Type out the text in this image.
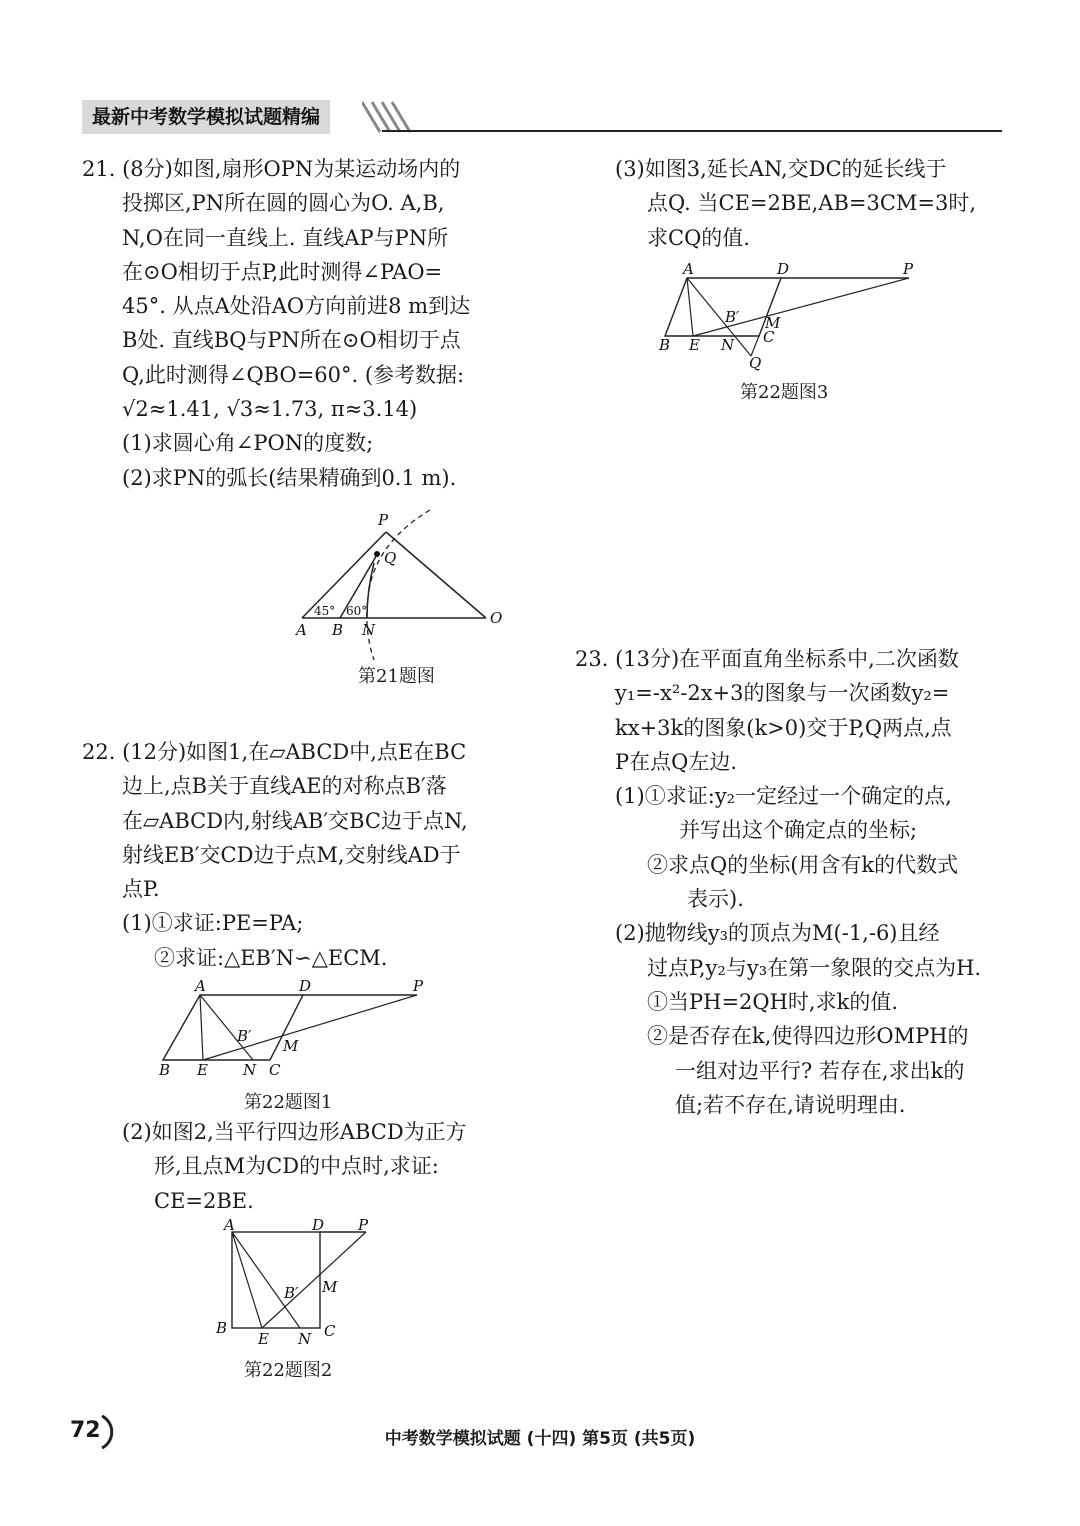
最新中考数学模拟试题精编

21. (8分)如图,扇形OPN为某运动场内的

投掷区,PN所在圆的圆心为O. A,B,

N,O在同一直线上. 直线AP与PN所

在⊙O相切于点P,此时测得∠PAO=

45°. 从点A处沿AO方向前进8 m到达

B处. 直线BQ与PN所在⊙O相切于点

Q,此时测得∠QBO=60°. (参考数据:

√2≈1.41, √3≈1.73, π≈3.14)

(1)求圆心角∠PON的度数;

(2)求PN的弧长(结果精确到0.1 m).

P
Q
A B N
O
45° 60°
第21题图

22. (12分)如图1,在▱ABCD中,点E在BC

边上,点B关于直线AE的对称点B′落

在▱ABCD内,射线AB′交BC边于点N,

射线EB′交CD边于点M,交射线AD于

点P.

(1)①求证:PE=PA;

②求证:△EB′N∽△ECM.

A	D	P
B′
M
B E N C
第22题图1

(2)如图2,当平行四边形ABCD为正方

形,且点M为CD的中点时,求证:

CE=2BE.

A	D P
B′ M
B
E N C
第22题图2

(3)如图3,延长AN,交DC的延长线于

点Q. 当CE=2BE,AB=3CM=3时,

求CQ的值.

A	D	P
B′ M
C
B E N
Q
第22题图3

23. (13分)在平面直角坐标系中,二次函数

y₁=-x²-2x+3的图象与一次函数y₂=

kx+3k的图象(k>0)交于P,Q两点,点

P在点Q左边.

(1)①求证:y₂一定经过一个确定的点,

并写出这个确定点的坐标;

②求点Q的坐标(用含有k的代数式

表示).

(2)抛物线y₃的顶点为M(-1,-6)且经

过点P,y₂与y₃在第一象限的交点为H.

①当PH=2QH时,求k的值.

②是否存在k,使得四边形OMPH的

一组对边平行? 若存在,求出k的

值;若不存在,请说明理由.

72	中考数学模拟试题 (十四) 第5页 (共5页)
